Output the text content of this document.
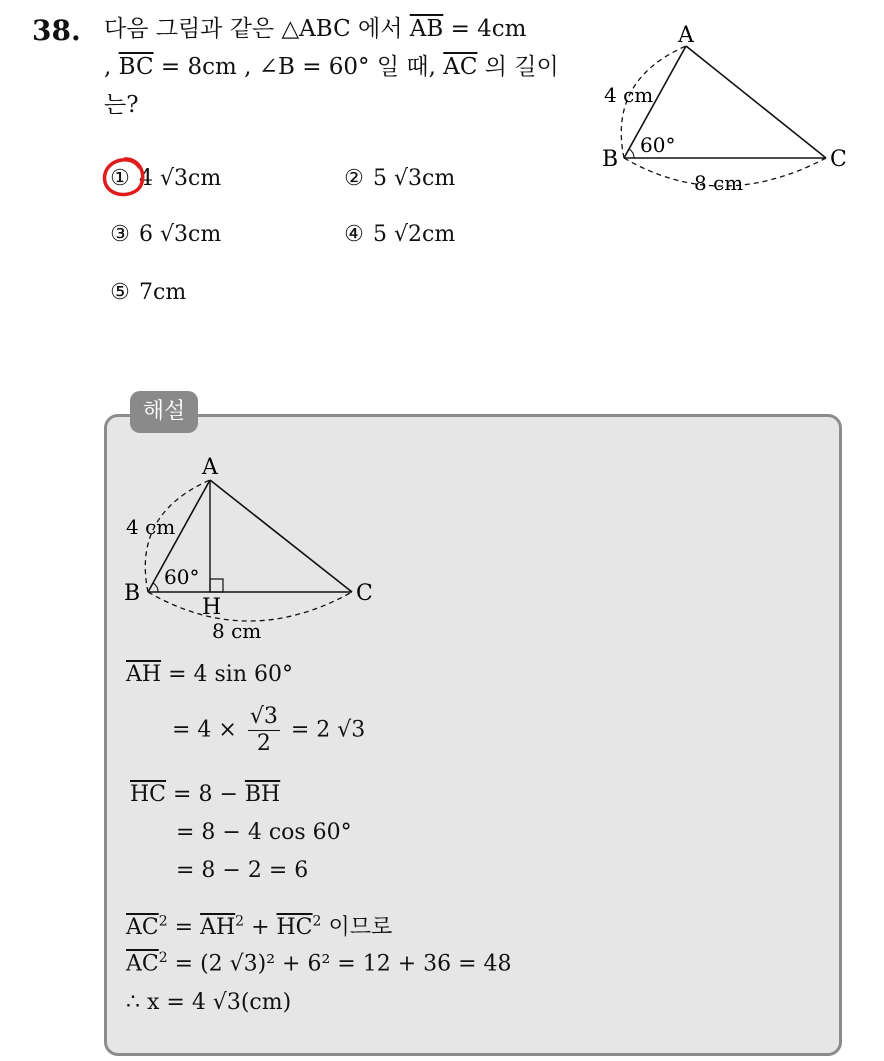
38. 다음 그림과 같은 △ABC 에서 $\overline{AB} = 4cm$
, $\overline{BC} = 8cm$ , ∠B = 60° 일 때, $\overline{AC}$ 의 길이
는?
A
B	C
4 cm
60°
8 cm
① 4 √3cm	② 5 √3cm
③ 6 √3cm	④ 5 √2cm
⑤ 7cm
해설
A
B	C
H
4 cm
60°
8 cm
$\overline{AH} = 4$ sin 60°
= $4 \times \frac{√3}{2} = 2$ √3
$\overline{HC} = 8 - \overline{BH}$
= 8 − 4 cos 60°
= 8 − 2 = 6
$\overline{AC}^2 = \overline{AH}^2 + \overline{HC}^2$ 이므로
$\overline{AC}^2 = (2$ √3)² + 6² = 12 + 36 = 48
∴ x = 4 √3(cm)
